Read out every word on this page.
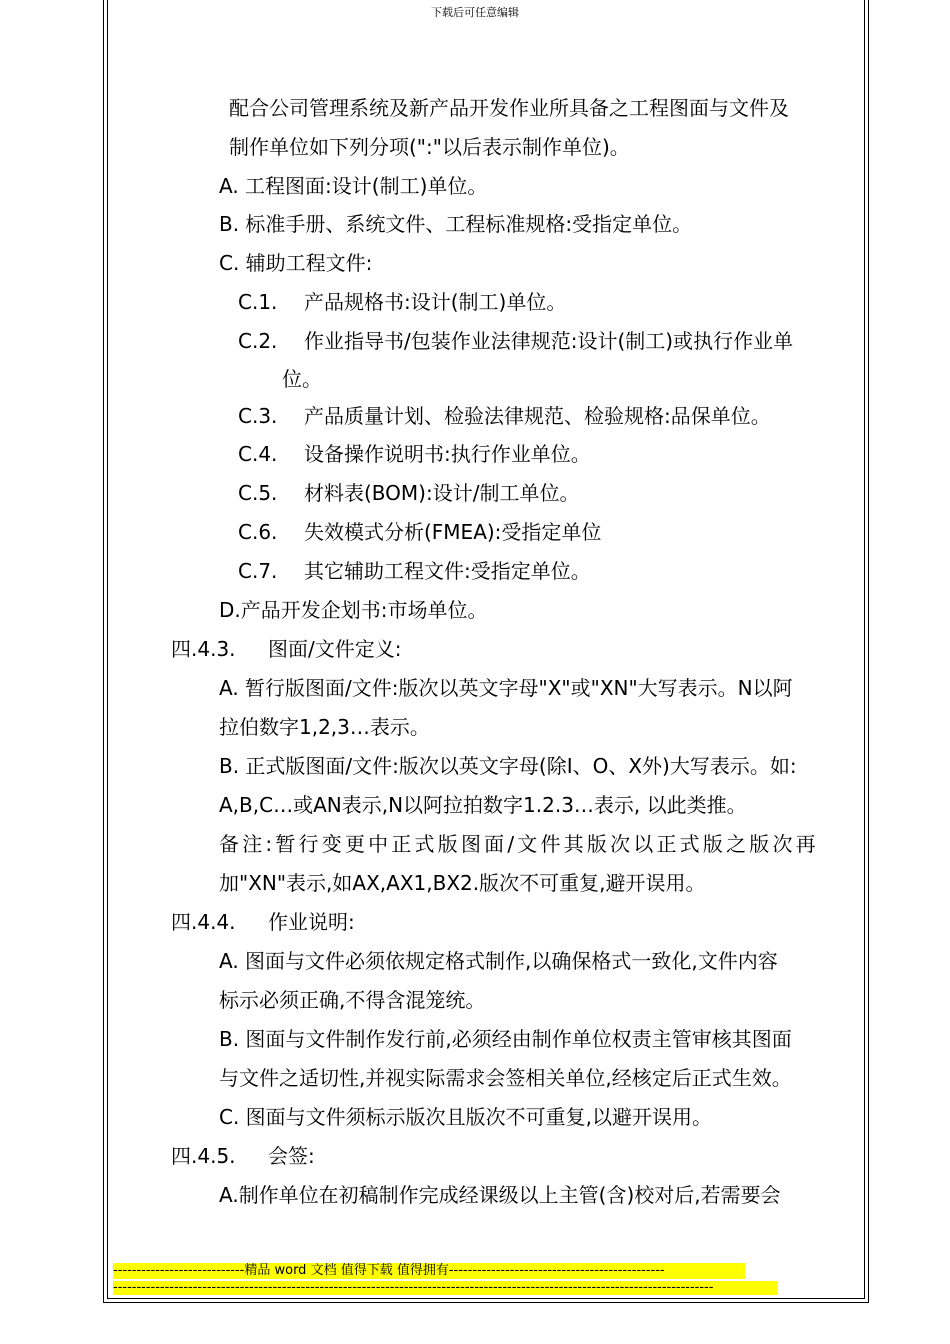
下载后可任意编辑
配合公司管理系统及新产品开发作业所具备之工程图面与文件及
制作单位如下列分项(":"以后表示制作单位)。
A. 工程图面:设计(制工)单位。
B. 标准手册、系统文件、工程标准规格:受指定单位。
C. 辅助工程文件:
C.1. 产品规格书:设计(制工)单位。
C.2. 作业指导书/包装作业法律规范:设计(制工)或执行作业单
位。
C.3. 产品质量计划、检验法律规范、检验规格:品保单位。
C.4. 设备操作说明书:执行作业单位。
C.5. 材料表(BOM):设计/制工单位。
C.6. 失效模式分析(FMEA):受指定单位
C.7. 其它辅助工程文件:受指定单位。
D.产品开发企划书:市场单位。
四.4.3. 图面/文件定义:
A. 暂行版图面/文件:版次以英文字母"X"或"XN"大写表示。N以阿
拉伯数字1,2,3…表示。
B. 正式版图面/文件:版次以英文字母(除I、O、X外)大写表示。如:
A,B,C…或AN表示,N以阿拉拍数字1.2.3…表示, 以此类推。
备注:暂行变更中正式版图面/文件其版次以正式版之版次再
加"XN"表示,如AX,AX1,BX2.版次不可重复,避开误用。
四.4.4. 作业说明:
A. 图面与文件必须依规定格式制作,以确保格式一致化,文件内容
标示必须正确,不得含混笼统。
B. 图面与文件制作发行前,必须经由制作单位权责主管审核其图面
与文件之适切性,并视实际需求会签相关单位,经核定后正式生效。
C. 图面与文件须标示版次且版次不可重复,以避开误用。
四.4.5. 会签:
A.制作单位在初稿制作完成经课级以上主管(含)校对后,若需要会
----------------------------精品 word 文档 值得下载 值得拥有----------------------------------------------
--------------------------------------------------------------------------------------------------------------------------------
